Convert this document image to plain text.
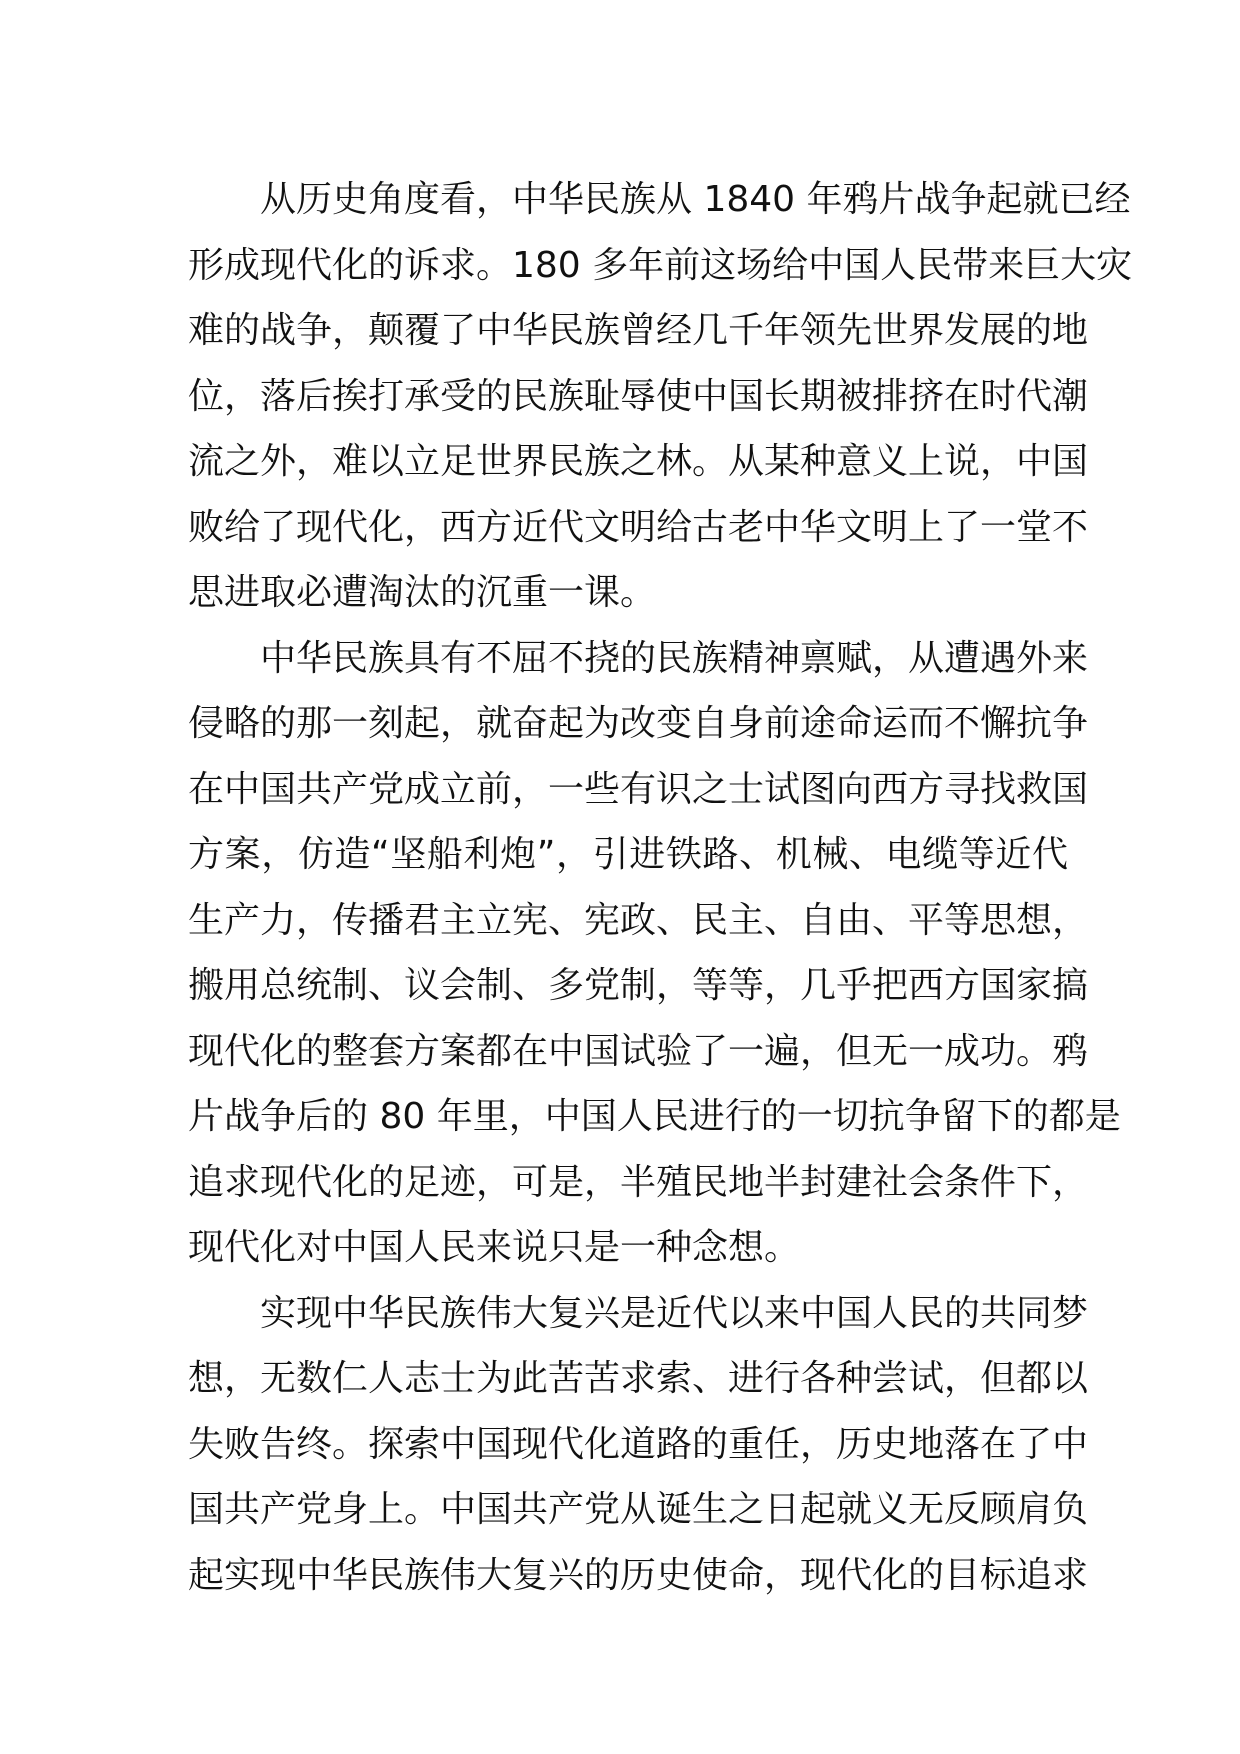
从历史角度看，中华民族从 1840 年鸦片战争起就已经
形成现代化的诉求。180 多年前这场给中国人民带来巨大灾
难的战争，颠覆了中华民族曾经几千年领先世界发展的地
位，落后挨打承受的民族耻辱使中国长期被排挤在时代潮
流之外，难以立足世界民族之林。从某种意义上说，中国
败给了现代化，西方近代文明给古老中华文明上了一堂不
思进取必遭淘汰的沉重一课。
中华民族具有不屈不挠的民族精神禀赋，从遭遇外来
侵略的那一刻起，就奋起为改变自身前途命运而不懈抗争
在中国共产党成立前，一些有识之士试图向西方寻找救国
方案，仿造“坚船利炮”，引进铁路、机械、电缆等近代
生产力，传播君主立宪、宪政、民主、自由、平等思想，
搬用总统制、议会制、多党制，等等，几乎把西方国家搞
现代化的整套方案都在中国试验了一遍，但无一成功。鸦
片战争后的 80 年里，中国人民进行的一切抗争留下的都是
追求现代化的足迹，可是，半殖民地半封建社会条件下，
现代化对中国人民来说只是一种念想。
实现中华民族伟大复兴是近代以来中国人民的共同梦
想，无数仁人志士为此苦苦求索、进行各种尝试，但都以
失败告终。探索中国现代化道路的重任，历史地落在了中
国共产党身上。中国共产党从诞生之日起就义无反顾肩负
起实现中华民族伟大复兴的历史使命，现代化的目标追求
